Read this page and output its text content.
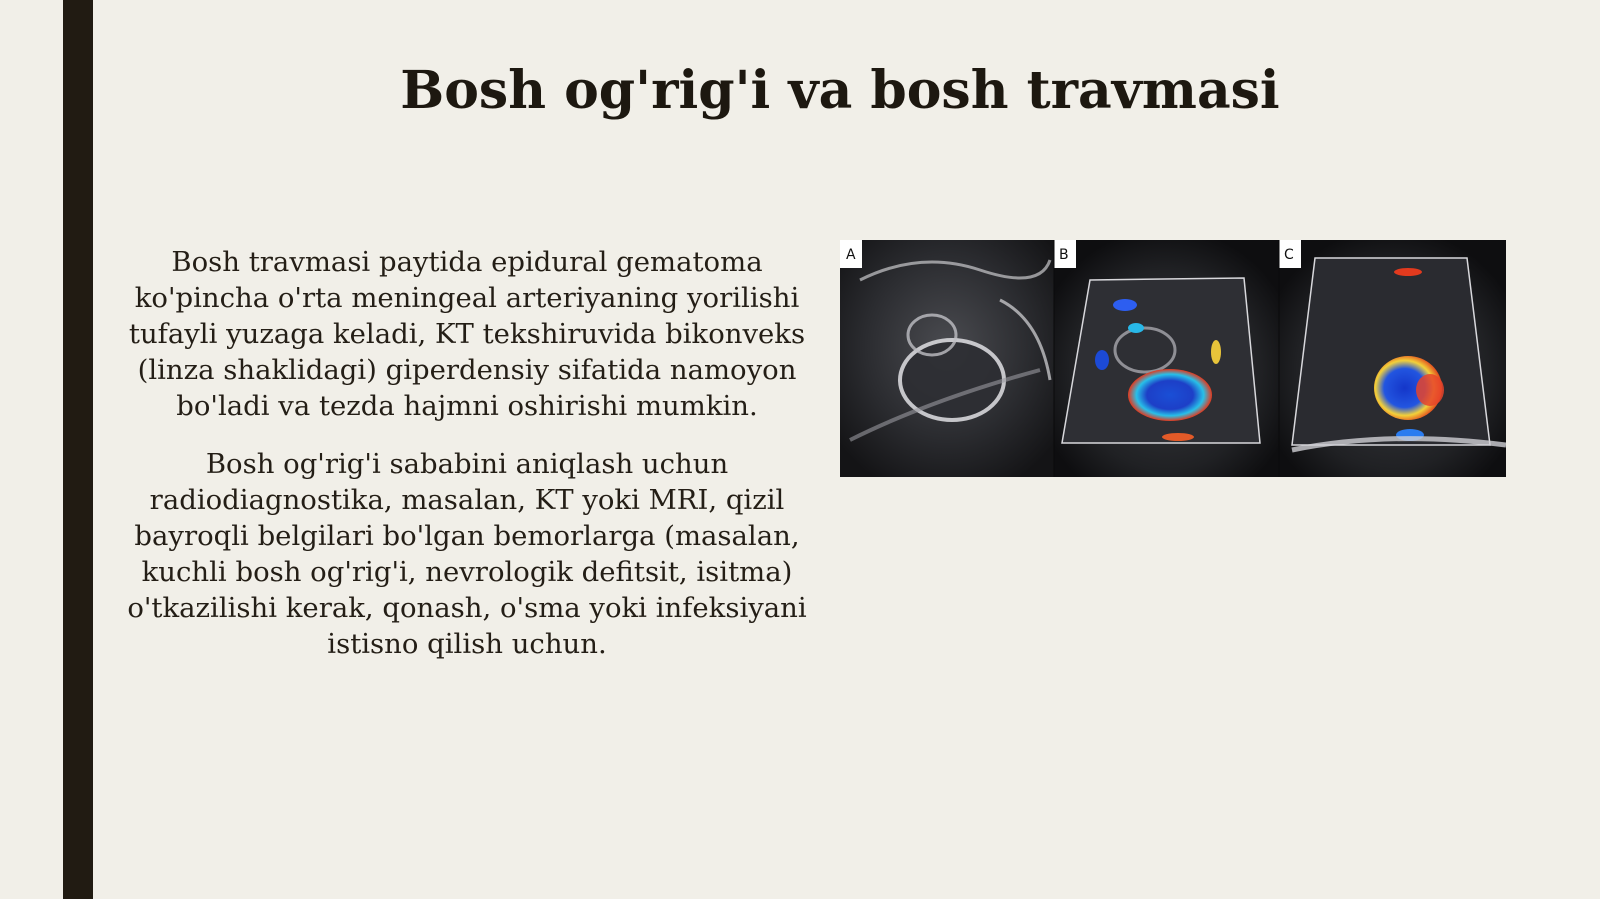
Bosh og'rig'i va bosh travmasi

Bosh travmasi paytida epidural gematoma ko'pincha o'rta meningeal arteriyaning yorilishi tufayli yuzaga keladi, KT tekshiruvida bikonveks (linza shaklidagi) giperdensiy sifatida namoyon bo'ladi va tezda hajmni oshirishi mumkin.

Bosh og'rig'i sababini aniqlash uchun radiodiagnostika, masalan, KT yoki MRI, qizil bayroqli belgilari bo'lgan bemorlarga (masalan, kuchli bosh og'rig'i, nevrologik defitsit, isitma) o'tkazilishi kerak, qonash, o'sma yoki infeksiyani istisno qilish uchun.

A	B	C
